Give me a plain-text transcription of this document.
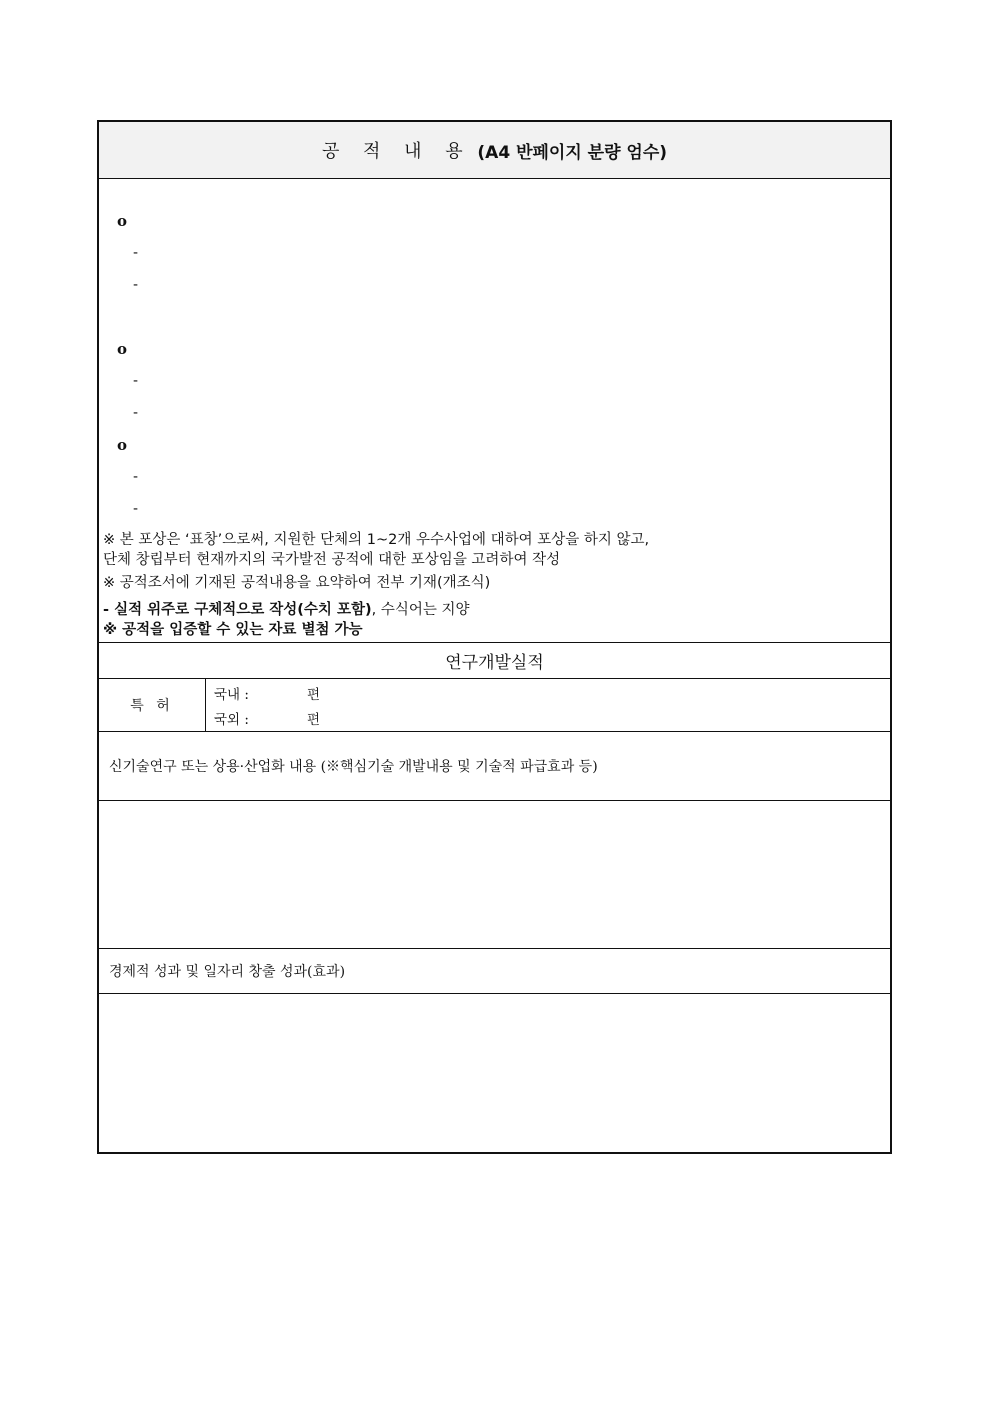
공 적 내 용
(A4 반페이지 분량 엄수)
o
-
-
o
-
-
o
-
-
※ 본 포상은 ‘표창’으로써, 지원한 단체의 1~2개 우수사업에 대하여 포상을 하지 않고,
단체 창립부터 현재까지의 국가발전 공적에 대한 포상임을 고려하여 작성
※ 공적조서에 기재된 공적내용을 요약하여 전부 기재(개조식)
- 실적 위주로 구체적으로 작성(수치 포함), 수식어는 지양
※ 공적을 입증할 수 있는 자료 별첨 가능
연구개발실적
특 허
국내 :	편
국외 :	편
신기술연구 또는 상용·산업화 내용 (※핵심기술 개발내용 및 기술적 파급효과 등)
경제적 성과 및 일자리 창출 성과(효과)
